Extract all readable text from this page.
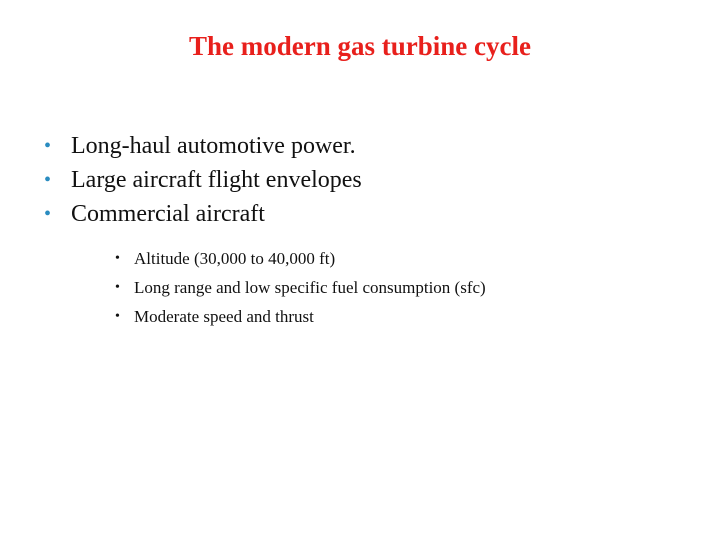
The modern gas turbine cycle
• Long-haul automotive power.
• Large aircraft flight envelopes
• Commercial aircraft
• Altitude (30,000 to 40,000 ft)
• Long range and low specific fuel consumption (sfc)
• Moderate speed and thrust
